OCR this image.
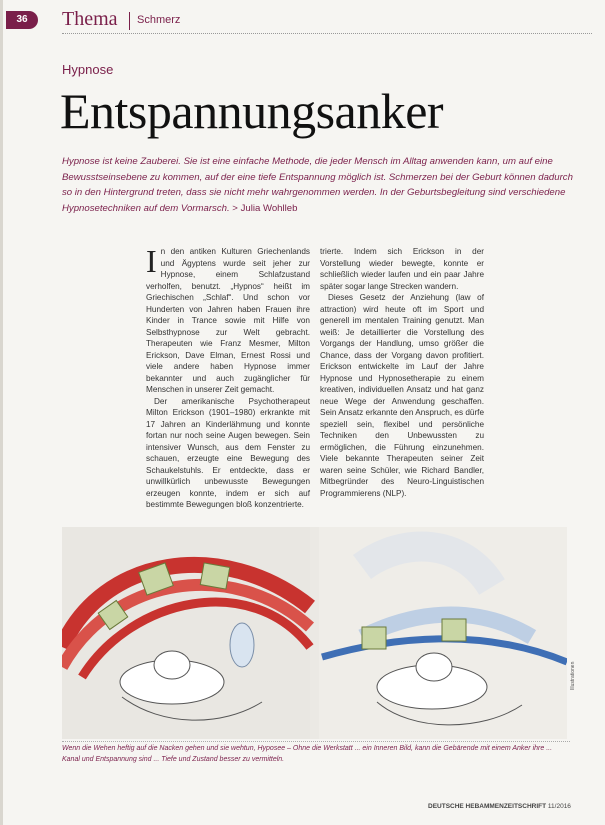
36	Thema Schmerz
Hypnose
Entspannungsanker
Hypnose ist keine Zauberei. Sie ist eine einfache Methode, die jeder Mensch im Alltag anwenden kann, um auf eine Bewusstseinsebene zu kommen, auf der eine tiefe Entspannung möglich ist. Schmerzen bei der Geburt können dadurch so in den Hintergrund treten, dass sie nicht mehr wahrgenommen werden. In der Geburtsbegleitung sind verschiedene Hypnosetechniken auf dem Vormarsch. > Julia Wohlleb

In den antiken Kulturen Griechenlands und Ägyptens wurde seit jeher zur Hypnose, einem Schlafzustand verholfen, benutzt. „Hypnos“ heißt im Griechischen „Schlaf“. Und schon vor Hunderten von Jahren haben Frauen ihre Kinder in Trance sowie mit Hilfe von Selbsthypnose zur Welt gebracht. Therapeuten wie Franz Mesmer, Milton Erickson, Dave Elman, Ernest Rossi und viele andere haben Hypnose immer bekannter und auch zugänglicher für Menschen in unserer Zeit gemacht.

Der amerikanische Psychotherapeut Milton Erickson (1901–1980) erkrankte mit 17 Jahren an Kinderlähmung und konnte fortan nur noch seine Augen bewegen. Sein intensiver Wunsch, aus dem Fenster zu schauen, erzeugte eine Bewegung des Schaukelstuhls. Er entdeckte, dass er unwillkürlich unbewusste Bewegungen erzeugen konnte, indem er sich auf bestimmte Bewegungen bloß konzentrierte.

trierte. Indem sich Erickson in der Vorstellung wieder bewegte, konnte er schließlich wieder laufen und ein paar Jahre später sogar lange Strecken wandern.

Dieses Gesetz der Anziehung (law of attraction) wird heute oft im Sport und generell im mentalen Training genutzt. Man weiß: Je detaillierter die Vorstellung des Vorgangs der Handlung, umso größer die Chance, dass der Vorgang davon profitiert. Erickson entwickelte im Lauf der Jahre Hypnose und Hypnosetherapie zu einem kreativen, individuellen Ansatz und hat ganz neue Wege der Anwendung geschaffen. Sein Ansatz erkannte den Anspruch, es dürfe speziell sein, flexibel und persönliche Techniken den Unbewussten zu ermöglichen, die Führung einzunehmen. Viele bekannte Therapeuten seiner Zeit waren seine Schüler, wie Richard Bandler, Mitbegründer des Neuro-Linguistischen Programmierens (NLP).

Illustrationen
Wenn die Wehen heftig auf die Nacken gehen und sie wehtun, Hyposee – Ohne die Werkstatt ... ein Inneren Bild, kann die Gebärende mit einem Anker ihre ... Kanal und Entspannung sind ... Tiefe und Zustand besser zu vermitteln.
DEUTSCHE HEBAMMENZEITSCHRIFT 11/2016
